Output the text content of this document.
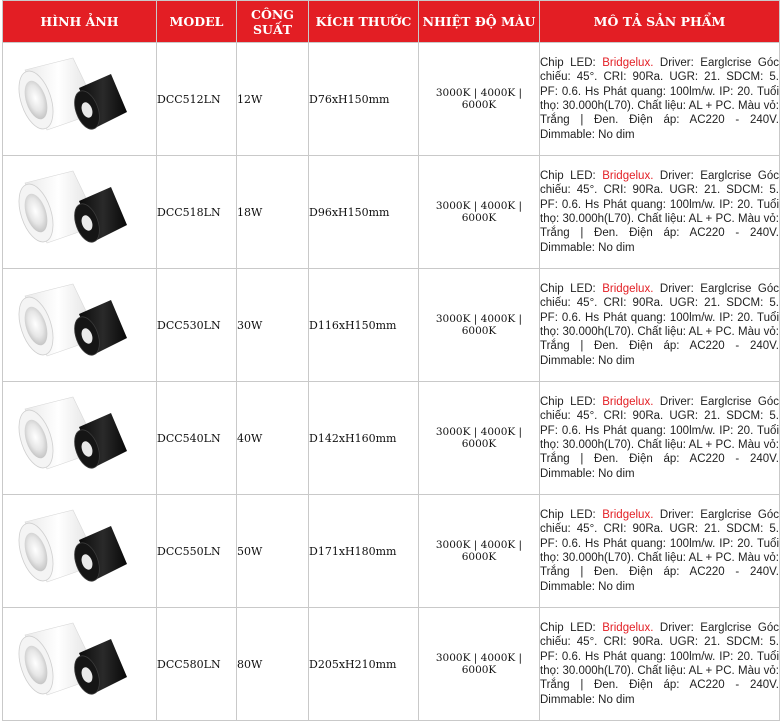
HÌNH ẢNH	MODEL	CÔNG SUẤT	KÍCH THƯỚC	NHIỆT ĐỘ MÀU	MÔ TẢ SẢN PHẨM
	DCC512LN	12W	D76xH150mm	3000K | 4000K | 6000K	Chip LED: Bridgelux. Driver: Earglcrise Góc chiếu: 45°. CRI: 90Ra. UGR: 21. SDCM: 5. PF: 0.6. Hs Phát quang: 100lm/w. IP: 20. Tuổi thọ: 30.000h(L70). Chất liệu: AL + PC. Màu vỏ: Trắng | Đen. Điện áp: AC220 - 240V. Dimmable: No dim
	DCC518LN	18W	D96xH150mm	3000K | 4000K | 6000K	Chip LED: Bridgelux. Driver: Earglcrise Góc chiếu: 45°. CRI: 90Ra. UGR: 21. SDCM: 5. PF: 0.6. Hs Phát quang: 100lm/w. IP: 20. Tuổi thọ: 30.000h(L70). Chất liệu: AL + PC. Màu vỏ: Trắng | Đen. Điện áp: AC220 - 240V. Dimmable: No dim
	DCC530LN	30W	D116xH150mm	3000K | 4000K | 6000K	Chip LED: Bridgelux. Driver: Earglcrise Góc chiếu: 45°. CRI: 90Ra. UGR: 21. SDCM: 5. PF: 0.6. Hs Phát quang: 100lm/w. IP: 20. Tuổi thọ: 30.000h(L70). Chất liệu: AL + PC. Màu vỏ: Trắng | Đen. Điện áp: AC220 - 240V. Dimmable: No dim
	DCC540LN	40W	D142xH160mm	3000K | 4000K | 6000K	Chip LED: Bridgelux. Driver: Earglcrise Góc chiếu: 45°. CRI: 90Ra. UGR: 21. SDCM: 5. PF: 0.6. Hs Phát quang: 100lm/w. IP: 20. Tuổi thọ: 30.000h(L70). Chất liệu: AL + PC. Màu vỏ: Trắng | Đen. Điện áp: AC220 - 240V. Dimmable: No dim
	DCC550LN	50W	D171xH180mm	3000K | 4000K | 6000K	Chip LED: Bridgelux. Driver: Earglcrise Góc chiếu: 45°. CRI: 90Ra. UGR: 21. SDCM: 5. PF: 0.6. Hs Phát quang: 100lm/w. IP: 20. Tuổi thọ: 30.000h(L70). Chất liệu: AL + PC. Màu vỏ: Trắng | Đen. Điện áp: AC220 - 240V. Dimmable: No dim
	DCC580LN	80W	D205xH210mm	3000K | 4000K | 6000K	Chip LED: Bridgelux. Driver: Earglcrise Góc chiếu: 45°. CRI: 90Ra. UGR: 21. SDCM: 5. PF: 0.6. Hs Phát quang: 100lm/w. IP: 20. Tuổi thọ: 30.000h(L70). Chất liệu: AL + PC. Màu vỏ: Trắng | Đen. Điện áp: AC220 - 240V. Dimmable: No dim
